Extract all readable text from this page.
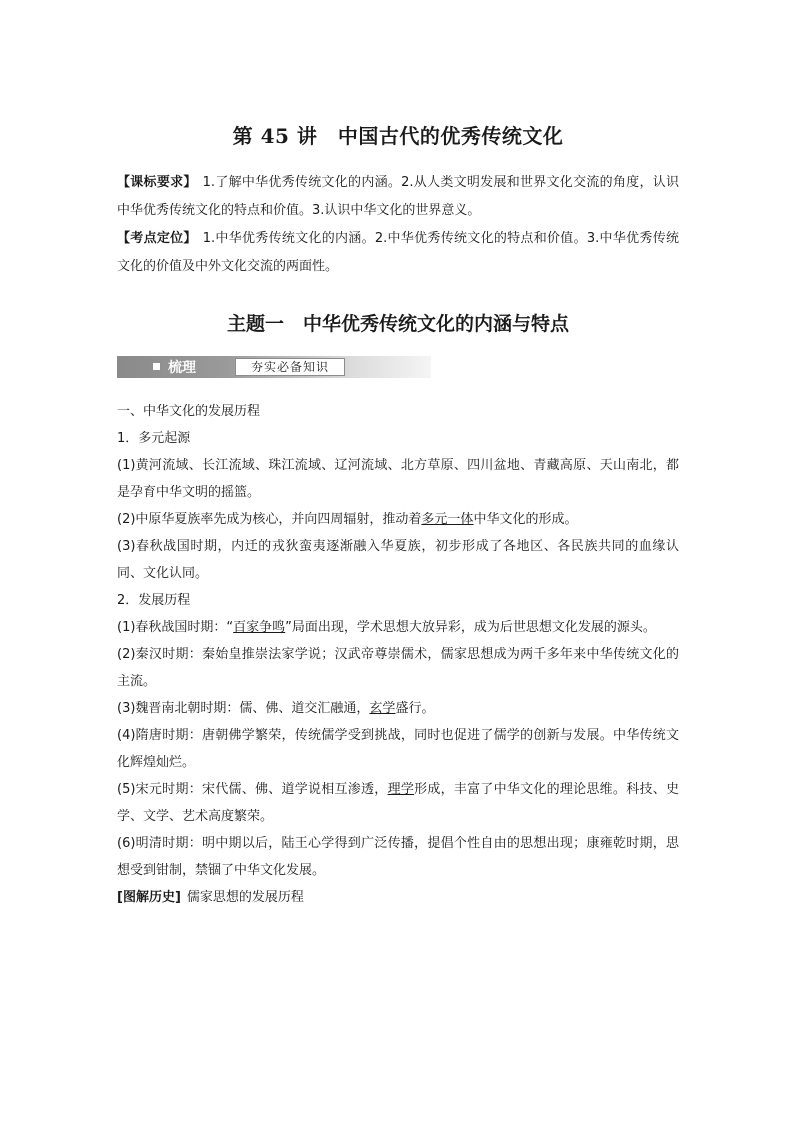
第 45 讲　中国古代的优秀传统文化

【课标要求】 1.了解中华优秀传统文化的内涵。2.从人类文明发展和世界文化交流的角度，认识中华优秀传统文化的特点和价值。3.认识中华文化的世界意义。

【考点定位】 1.中华优秀传统文化的内涵。2.中华优秀传统文化的特点和价值。3.中华优秀传统文化的价值及中外文化交流的两面性。

主题一　中华优秀传统文化的内涵与特点
梳理	夯实必备知识

一、中华文化的发展历程

1．多元起源

(1)黄河流域、长江流域、珠江流域、辽河流域、北方草原、四川盆地、青藏高原、天山南北，都是孕育中华文明的摇篮。

(2)中原华夏族率先成为核心，并向四周辐射，推动着多元一体中华文化的形成。

(3)春秋战国时期，内迁的戎狄蛮夷逐渐融入华夏族，初步形成了各地区、各民族共同的血缘认同、文化认同。

2．发展历程

(1)春秋战国时期：“百家争鸣”局面出现，学术思想大放异彩，成为后世思想文化发展的源头。

(2)秦汉时期：秦始皇推崇法家学说；汉武帝尊崇儒术，儒家思想成为两千多年来中华传统文化的主流。

(3)魏晋南北朝时期：儒、佛、道交汇融通，玄学盛行。

(4)隋唐时期：唐朝佛学繁荣，传统儒学受到挑战，同时也促进了儒学的创新与发展。中华传统文化辉煌灿烂。

(5)宋元时期：宋代儒、佛、道学说相互渗透，理学形成，丰富了中华文化的理论思维。科技、史学、文学、艺术高度繁荣。

(6)明清时期：明中期以后，陆王心学得到广泛传播，提倡个性自由的思想出现；康雍乾时期，思想受到钳制，禁锢了中华文化发展。

[图解历史] 儒家思想的发展历程
